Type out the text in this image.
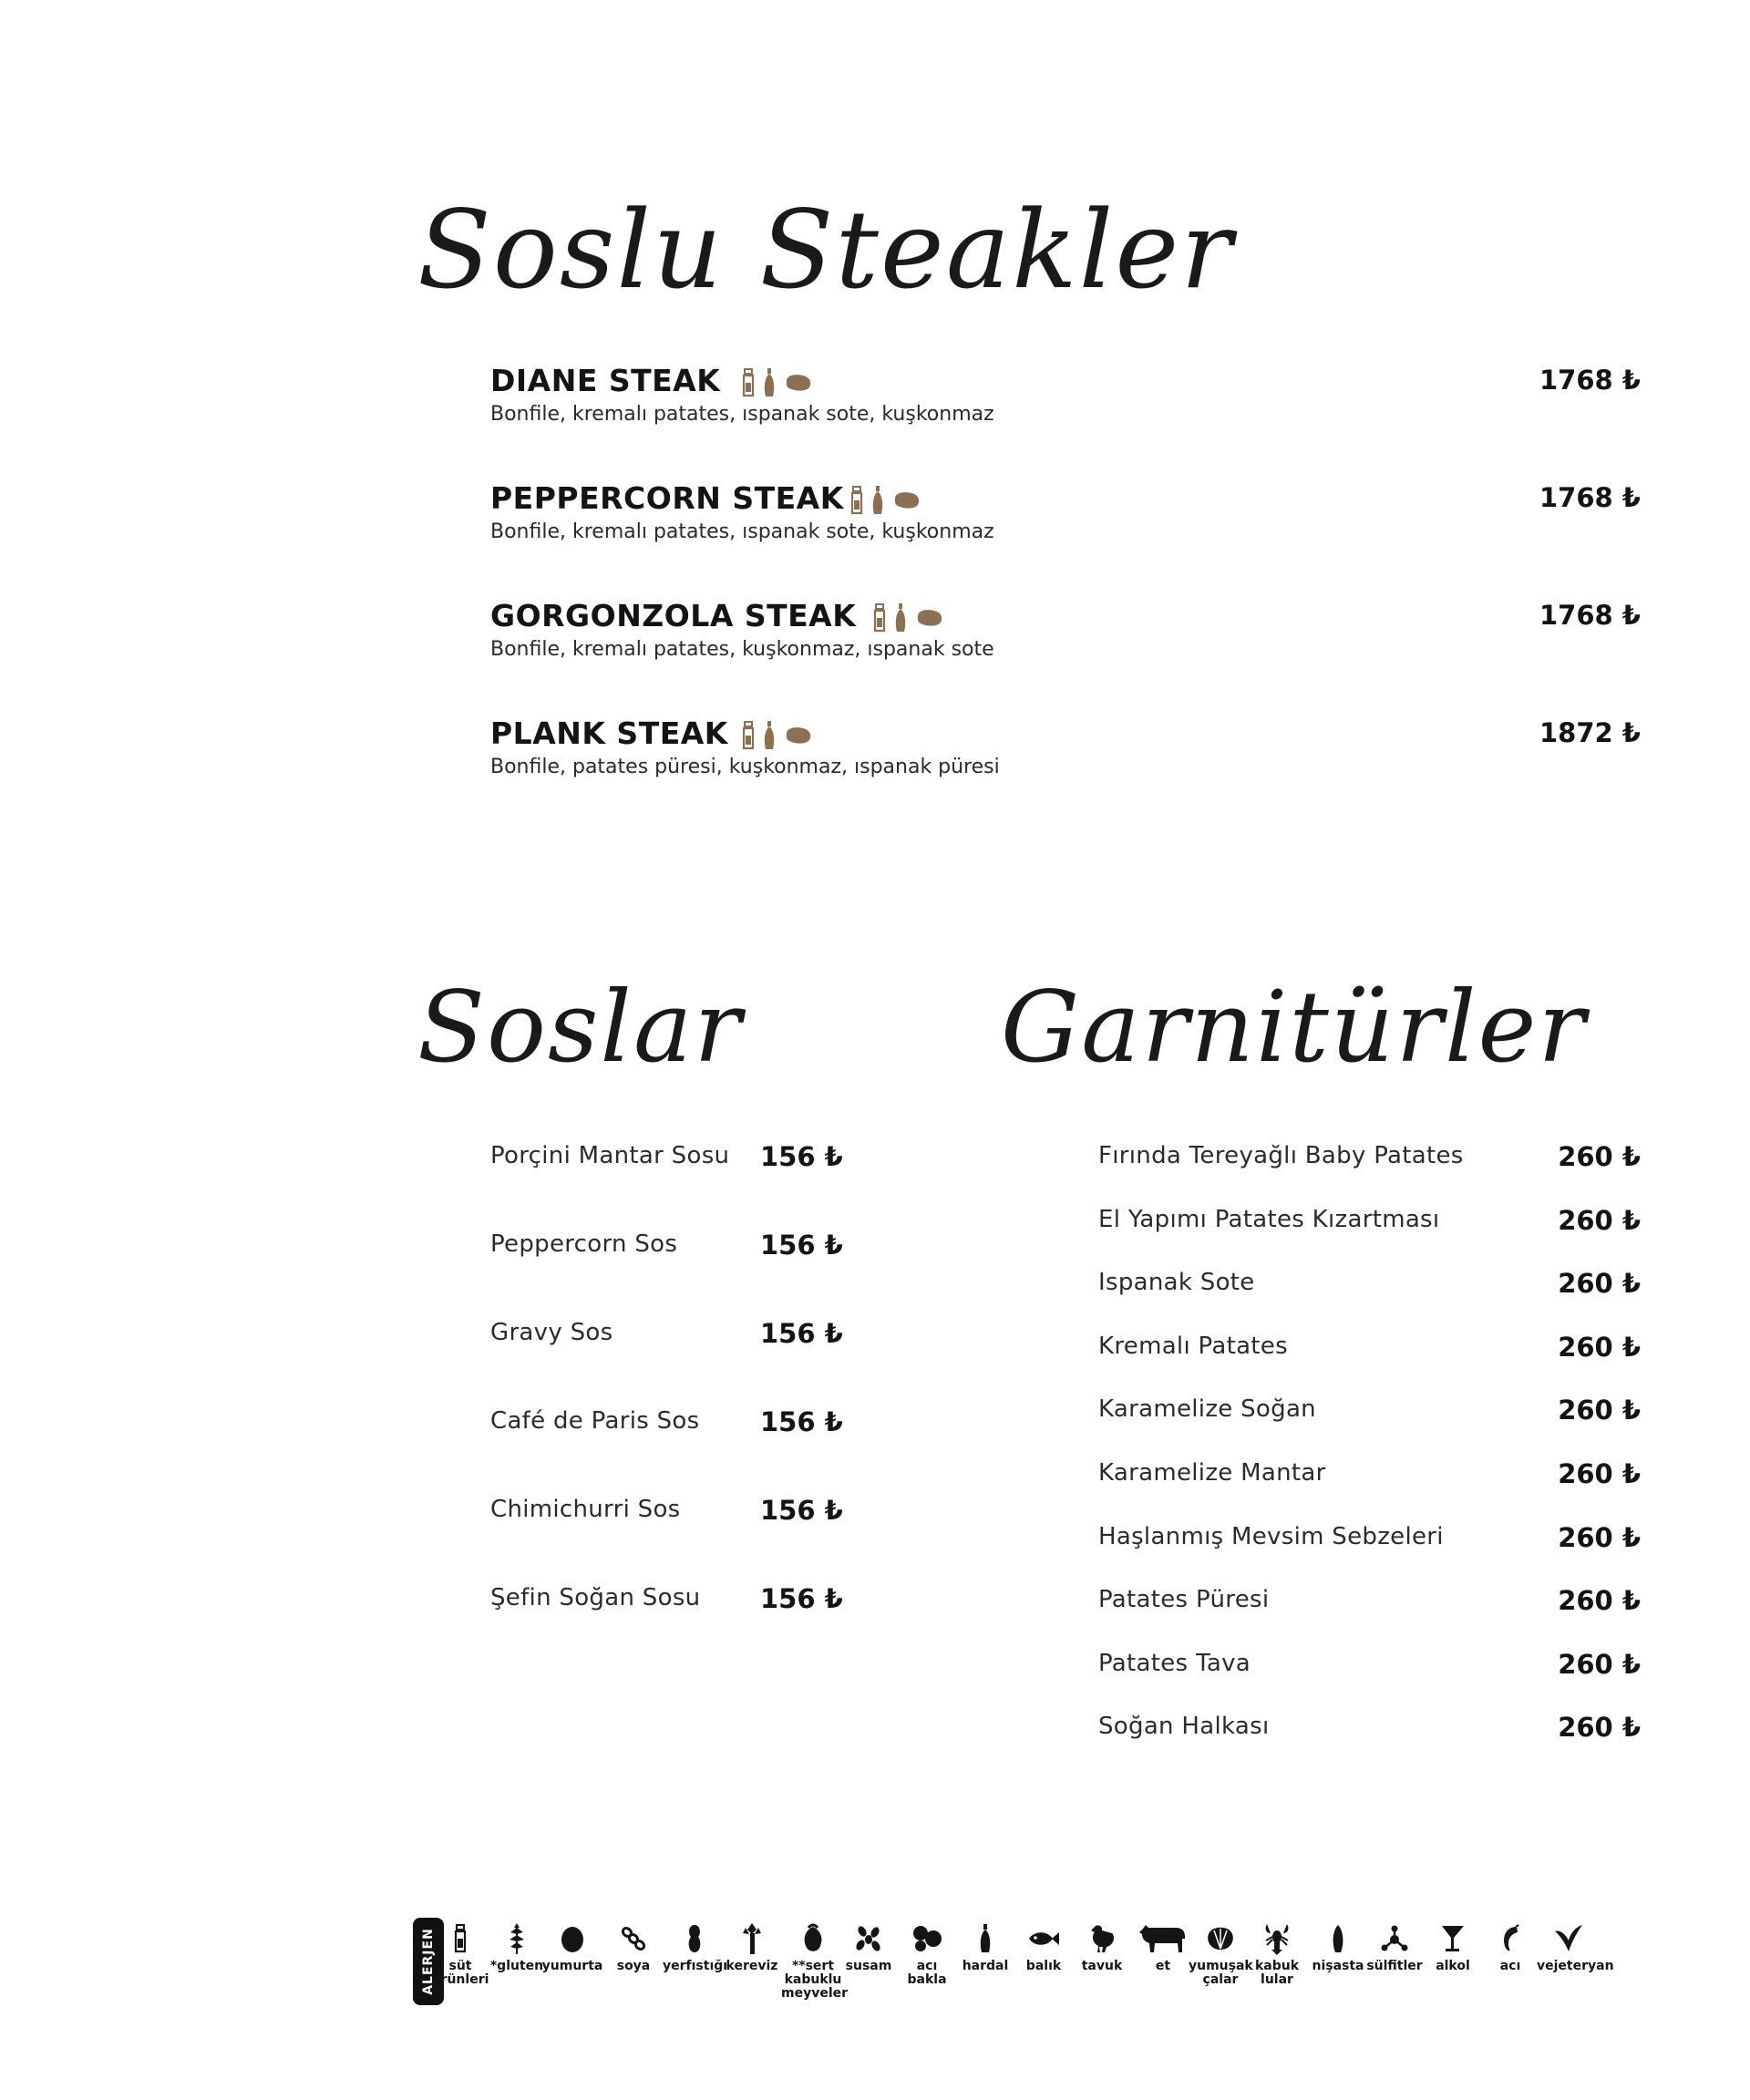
Soslu Steakler
DIANE STEAK	1768 ₺
Bonfile, kremalı patates, ıspanak sote, kuşkonmaz
PEPPERCORN STEAK	1768 ₺
Bonfile, kremalı patates, ıspanak sote, kuşkonmaz
GORGONZOLA STEAK	1768 ₺
Bonfile, kremalı patates, kuşkonmaz, ıspanak sote
PLANK STEAK	1872 ₺
Bonfile, patates püresi, kuşkonmaz, ıspanak püresi
Soslar
Porçini Mantar Sosu 156 ₺
Peppercorn Sos	156 ₺
Gravy Sos	156 ₺
Café de Paris Sos 156 ₺
Chimichurri Sos	156 ₺
Şefin Soğan Sosu 156 ₺
Garnitürler
Fırında Tereyağlı Baby Patates	260 ₺
El Yapımı Patates Kızartması	260 ₺
Ispanak Sote	260 ₺
Kremalı Patates	260 ₺
Karamelize Soğan	260 ₺
Karamelize Mantar	260 ₺
Haşlanmış Mevsim Sebzeleri	260 ₺
Patates Püresi	260 ₺
Patates Tava	260 ₺
Soğan Halkası	260 ₺
ALERJEN	süt
ürünleri
*gluten
yumurta	soya yerfıstığı
kereviz	**sert
kabuklu
meyveler
susam	acı
bakla
hardal	balık	tavuk	et	yumuşak
çalar
kabuk
lular
nişasta sülfitler	alkol	acı	vejeteryan
